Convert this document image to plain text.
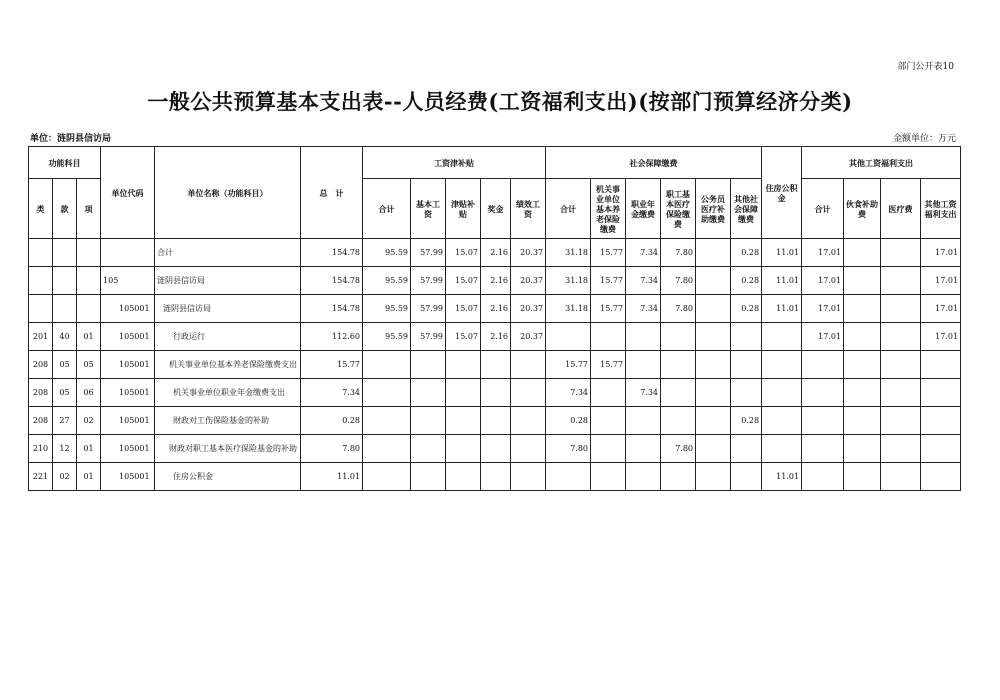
部门公开表10
一般公共预算基本支出表--人员经费(工资福利支出)(按部门预算经济分类)
单位：涟阴县信访局	金额单位：万元
功能科目			单位代码	单位名称（功能科目）	总　计	工资津补贴					社会保障缴费						住房公积金	其他工资福利支出			
类	款	项				合计	基本工资	津贴补贴	奖金	绩效工资	合计	机关事业单位基本养老保险缴费	职业年金缴费	职工基本医疗保险缴费	公务员医疗补助缴费	其他社会保障缴费		合计	伙食补助费	医疗费	其他工资福利支出
				合计	154.78	95.59	57.99	15.07	2.16	20.37	31.18	15.77	7.34	7.80		0.28	11.01	17.01			17.01
			105	涟阴县信访局	154.78	95.59	57.99	15.07	2.16	20.37	31.18	15.77	7.34	7.80		0.28	11.01	17.01			17.01
			105001	涟阴县信访局	154.78	95.59	57.99	15.07	2.16	20.37	31.18	15.77	7.34	7.80		0.28	11.01	17.01			17.01
201	40	01	105001	行政运行	112.60	95.59	57.99	15.07	2.16	20.37								17.01			17.01
208	05	05	105001	机关事业单位基本养老保险缴费支出	15.77						15.77	15.77									
208	05	06	105001	机关事业单位职业年金缴费支出	7.34						7.34		7.34								
208	27	02	105001	财政对工伤保险基金的补助	0.28						0.28					0.28					
210	12	01	105001	财政对职工基本医疗保险基金的补助	7.80						7.80			7.80							
221	02	01	105001	住房公积金	11.01												11.01				
